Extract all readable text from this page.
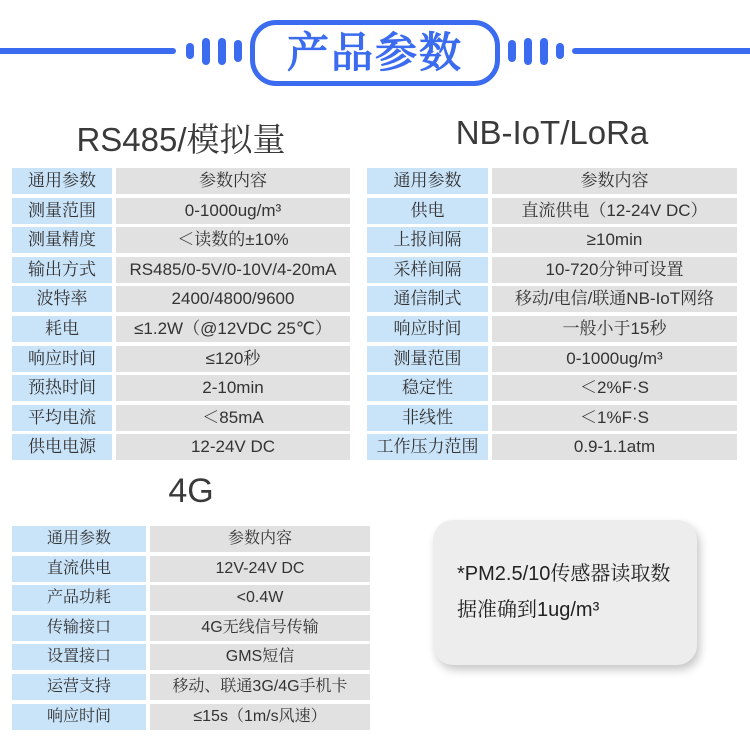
产品参数
RS485/模拟量	NB-IoT/LoRa
4G
通用参数	参数内容
测量范围	0-1000ug/m³
测量精度	＜读数的±10%
输出方式	RS485/0-5V/0-10V/4-20mA
波特率	2400/4800/9600
耗电	≤1.2W（@12VDC 25℃）
响应时间	≤120秒
预热时间	2-10min
平均电流	＜85mA
供电电源	12-24V DC
通用参数	参数内容
供电	直流供电（12-24V DC）
上报间隔	≥10min
采样间隔	10-720分钟可设置
通信制式	移动/电信/联通NB-IoT网络
响应时间	一般小于15秒
测量范围	0-1000ug/m³
稳定性	＜2%F·S
非线性	＜1%F·S
工作压力范围	0.9-1.1atm
通用参数	参数内容
直流供电	12V-24V DC
产品功耗	<0.4W
传输接口	4G无线信号传输
设置接口	GMS短信
运营支持	移动、联通3G/4G手机卡
响应时间	≤15s（1m/s风速）

*PM2.5/10传感器读取数据准确到1ug/m³
